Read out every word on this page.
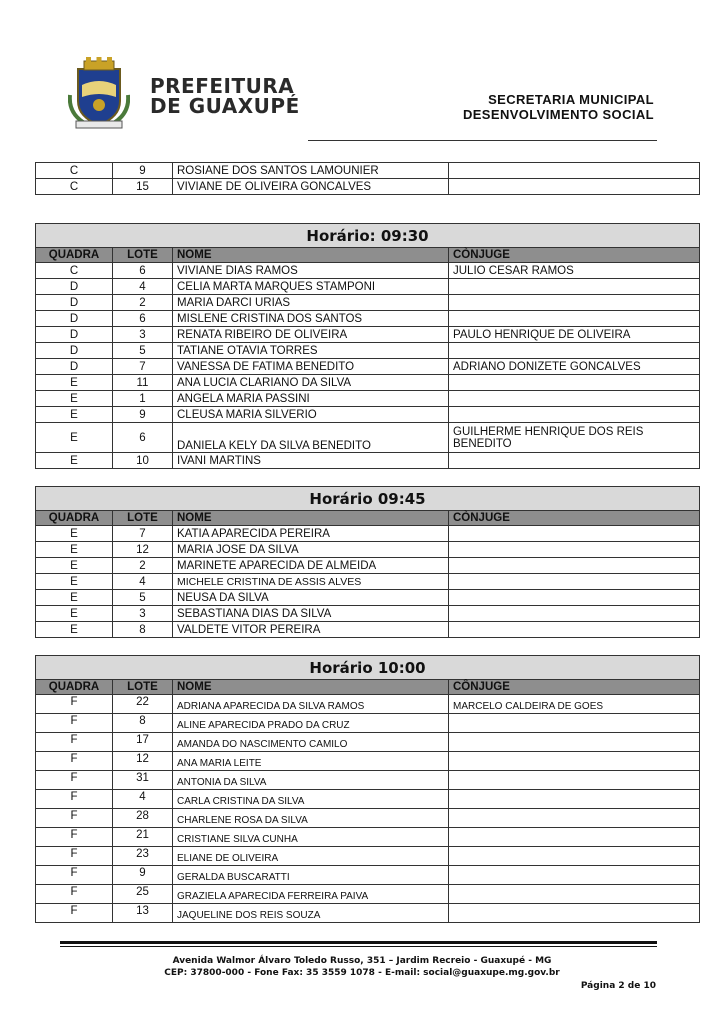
PREFEITURA
DE GUAXUPÉ	SECRETARIA MUNICIPAL
DESENVOLVIMENTO SOCIAL
C	9	ROSIANE DOS SANTOS LAMOUNIER	
C	15	VIVIANE DE OLIVEIRA GONCALVES	
Horário: 09:30			
QUADRA	LOTE	NOME	CÒNJUGE
C	6	VIVIANE DIAS RAMOS	JULIO CESAR RAMOS
D	4	CELIA MARTA MARQUES STAMPONI	
D	2	MARIA DARCI URIAS	
D	6	MISLENE CRISTINA DOS SANTOS	
D	3	RENATA RIBEIRO DE OLIVEIRA	PAULO HENRIQUE DE OLIVEIRA
D	5	TATIANE OTAVIA TORRES	
D	7	VANESSA DE FATIMA BENEDITO	ADRIANO DONIZETE GONCALVES
E	11	ANA LUCIA CLARIANO DA SILVA	
E	1	ANGELA MARIA PASSINI	
E	9	CLEUSA MARIA SILVERIO	
E	6	DANIELA KELY DA SILVA BENEDITO	GUILHERME HENRIQUE DOS REIS BENEDITO
E	10	IVANI MARTINS	
Horário 09:45			
QUADRA	LOTE	NOME	CÒNJUGE
E	7	KATIA APARECIDA PEREIRA	
E	12	MARIA JOSE DA SILVA	
E	2	MARINETE APARECIDA DE ALMEIDA	
E	4	MICHELE CRISTINA DE ASSIS ALVES	
E	5	NEUSA DA SILVA	
E	3	SEBASTIANA DIAS DA SILVA	
E	8	VALDETE VITOR PEREIRA	
Horário 10:00			
QUADRA	LOTE	NOME	CÔNJUGE
F	22	ADRIANA APARECIDA DA SILVA RAMOS	MARCELO CALDEIRA DE GOES
F	8	ALINE APARECIDA PRADO DA CRUZ	
F	17	AMANDA DO NASCIMENTO CAMILO	
F	12	ANA MARIA LEITE	
F	31	ANTONIA DA SILVA	
F	4	CARLA CRISTINA DA SILVA	
F	28	CHARLENE ROSA DA SILVA	
F	21	CRISTIANE SILVA CUNHA	
F	23	ELIANE DE OLIVEIRA	
F	9	GERALDA BUSCARATTI	
F	25	GRAZIELA APARECIDA FERREIRA PAIVA	
F	13	JAQUELINE DOS REIS SOUZA	
Avenida Walmor Álvaro Toledo Russo, 351 – Jardim Recreio - Guaxupé - MG
CEP: 37800-000 - Fone Fax: 35 3559 1078 - E-mail: social@guaxupe.mg.gov.br
Página 2 de 10
